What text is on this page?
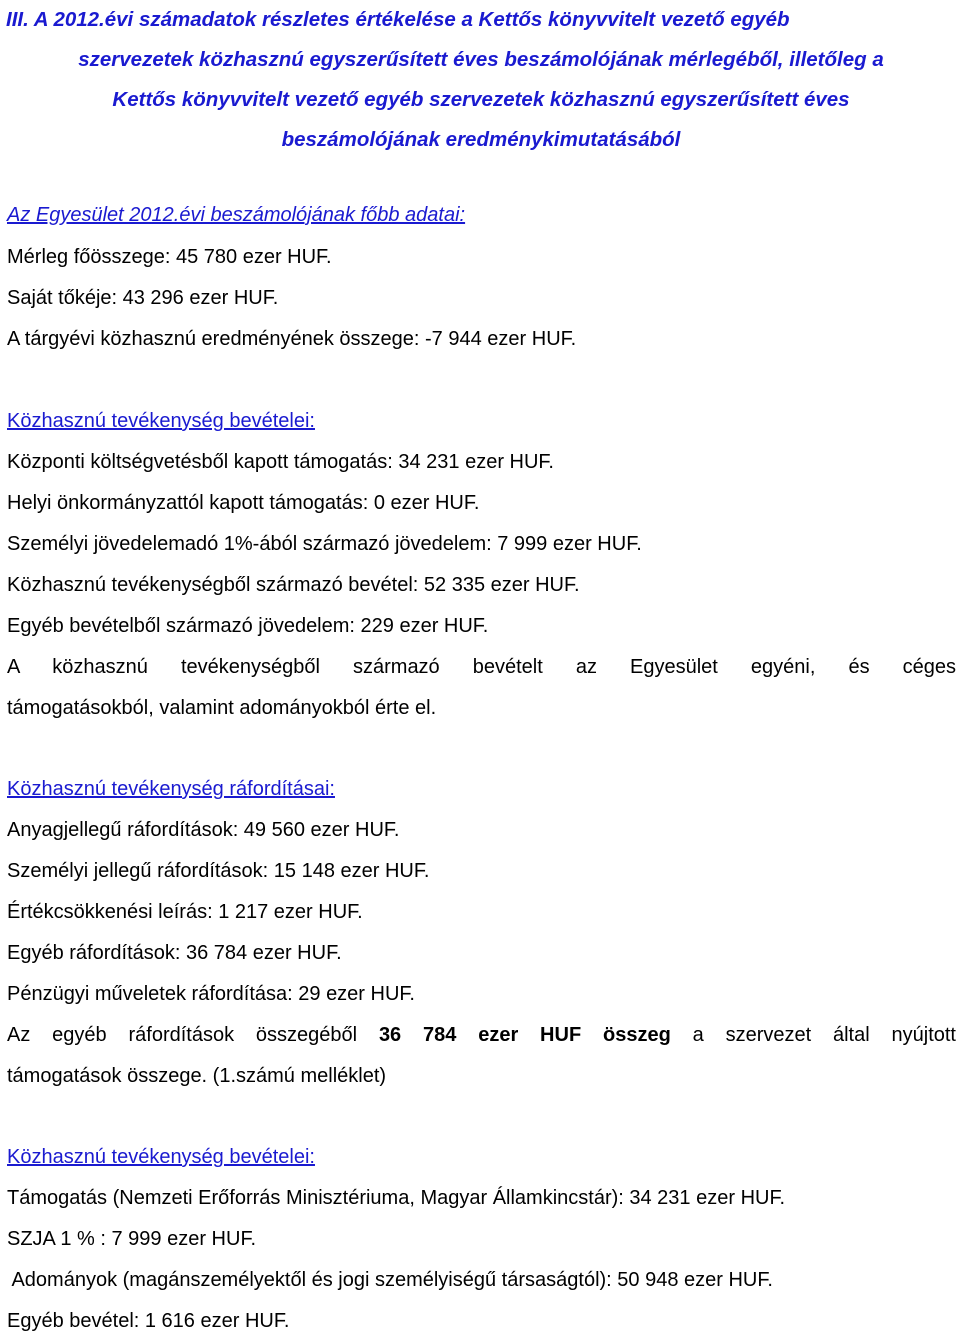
III. A 2012.évi számadatok részletes értékelése a Kettős könyvvitelt vezető egyéb
szervezetek közhasznú egyszerűsített éves beszámolójának mérlegéből, illetőleg a
Kettős könyvvitelt vezető egyéb szervezetek közhasznú egyszerűsített éves
beszámolójának eredménykimutatásából
Az Egyesület 2012.évi beszámolójának főbb adatai:
Mérleg főösszege: 45 780 ezer HUF.
Saját tőkéje: 43 296 ezer HUF.
A tárgyévi közhasznú eredményének összege: -7 944 ezer HUF.
Közhasznú tevékenység bevételei:
Központi költségvetésből kapott támogatás: 34 231 ezer HUF.
Helyi önkormányzattól kapott támogatás: 0 ezer HUF.
Személyi jövedelemadó 1%-ából származó jövedelem: 7 999 ezer HUF.
Közhasznú tevékenységből származó bevétel: 52 335 ezer HUF.
Egyéb bevételből származó jövedelem: 229 ezer HUF.
A közhasznú tevékenységből származó bevételt az Egyesület egyéni, és céges
támogatásokból, valamint adományokból érte el.
Közhasznú tevékenység ráfordításai:
Anyagjellegű ráfordítások: 49 560 ezer HUF.
Személyi jellegű ráfordítások: 15 148 ezer HUF.
Értékcsökkenési leírás: 1 217 ezer HUF.
Egyéb ráfordítások: 36 784 ezer HUF.
Pénzügyi műveletek ráfordítása: 29 ezer HUF.
Az egyéb ráfordítások összegéből 36 784 ezer HUF összeg a szervezet által nyújtott
támogatások összege. (1.számú melléklet)
Közhasznú tevékenység bevételei:
Támogatás (Nemzeti Erőforrás Minisztériuma, Magyar Államkincstár): 34 231 ezer HUF.
SZJA 1 % : 7 999 ezer HUF.
Adományok (magánszemélyektől és jogi személyiségű társaságtól): 50 948 ezer HUF.
Egyéb bevétel: 1 616 ezer HUF.
